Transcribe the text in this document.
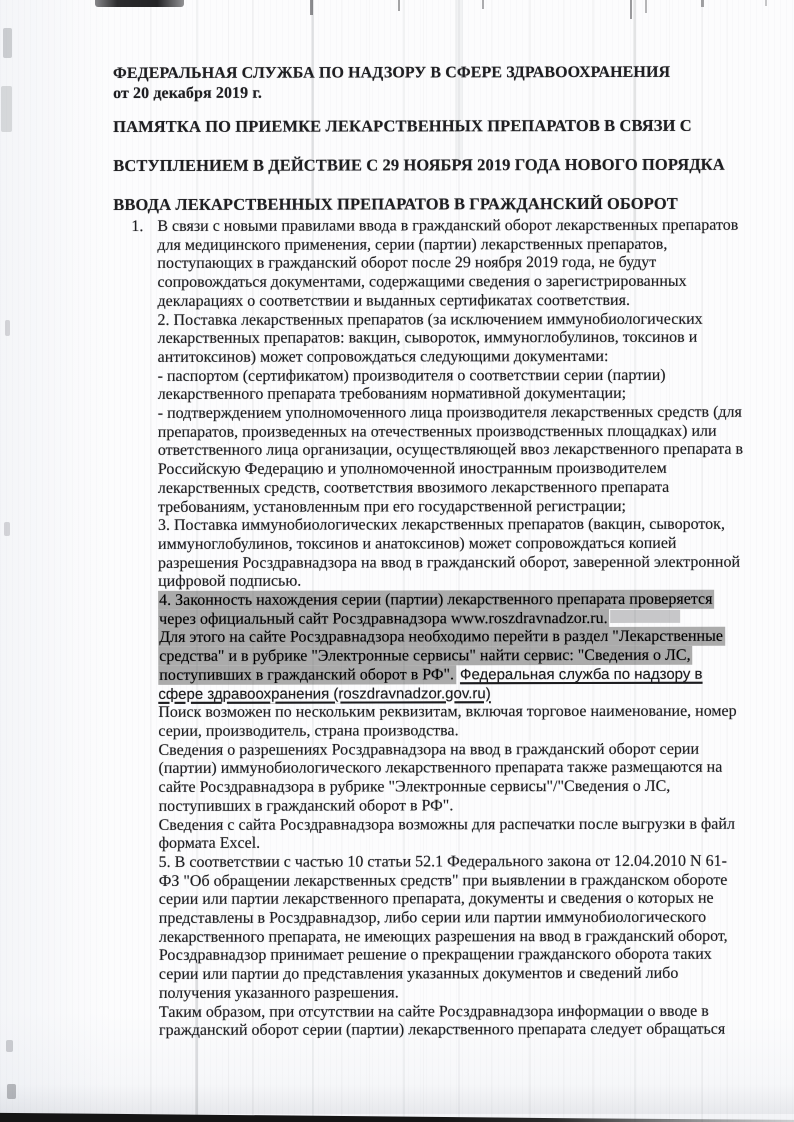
ФЕДЕРАЛЬНАЯ СЛУЖБА ПО НАДЗОРУ В СФЕРЕ ЗДРАВООХРАНЕНИЯ
от 20 декабря 2019 г.
ПАМЯТКА ПО ПРИЕМКЕ ЛЕКАРСТВЕННЫХ ПРЕПАРАТОВ В СВЯЗИ С
ВСТУПЛЕНИЕМ В ДЕЙСТВИЕ С 29 НОЯБРЯ 2019 ГОДА НОВОГО ПОРЯДКА
ВВОДА ЛЕКАРСТВЕННЫХ ПРЕПАРАТОВ В ГРАЖДАНСКИЙ ОБОРОТ

1. В связи с новыми правилами ввода в гражданский оборот лекарственных препаратов для медицинского применения, серии (партии) лекарственных препаратов, поступающих в гражданский оборот после 29 ноября 2019 года, не будут сопровождаться документами, содержащими сведения о зарегистрированных декларациях о соответствии и выданных сертификатах соответствия.

2. Поставка лекарственных препаратов (за исключением иммунобиологических лекарственных препаратов: вакцин, сывороток, иммуноглобулинов, токсинов и антитоксинов) может сопровождаться следующими документами:

- паспортом (сертификатом) производителя о соответствии серии (партии) лекарственного препарата требованиям нормативной документации;

- подтверждением уполномоченного лица производителя лекарственных средств (для препаратов, произведенных на отечественных производственных площадках) или ответственного лица организации, осуществляющей ввоз лекарственного препарата в Российскую Федерацию и уполномоченной иностранным производителем лекарственных средств, соответствия ввозимого лекарственного препарата требованиям, установленным при его государственной регистрации;

3. Поставка иммунобиологических лекарственных препаратов (вакцин, сывороток, иммуноглобулинов, токсинов и анатоксинов) может сопровождаться копией разрешения Росздравнадзора на ввод в гражданский оборот, заверенной электронной цифровой подписью.

4. Законность нахождения серии (партии) лекарственного препарата проверяется через официальный сайт Росздравнадзора www.roszdravnadzor.ru.

Для этого на сайте Росздравнадзора необходимо перейти в раздел "Лекарственные средства" и в рубрике "Электронные сервисы" найти сервис: "Сведения о ЛС, поступивших в гражданский оборот в РФ". Федеральная служба по надзору в сфере здравоохранения (roszdravnadzor.gov.ru)

Поиск возможен по нескольким реквизитам, включая торговое наименование, номер серии, производитель, страна производства.

Сведения о разрешениях Росздравнадзора на ввод в гражданский оборот серии (партии) иммунобиологического лекарственного препарата также размещаются на сайте Росздравнадзора в рубрике "Электронные сервисы"/"Сведения о ЛС, поступивших в гражданский оборот в РФ".

Сведения с сайта Росздравнадзора возможны для распечатки после выгрузки в файл формата Excel.

5. В соответствии с частью 10 статьи 52.1 Федерального закона от 12.04.2010 N 61-ФЗ "Об обращении лекарственных средств" при выявлении в гражданском обороте серии или партии лекарственного препарата, документы и сведения о которых не представлены в Росздравнадзор, либо серии или партии иммунобиологического лекарственного препарата, не имеющих разрешения на ввод в гражданский оборот, Росздравнадзор принимает решение о прекращении гражданского оборота таких серии или партии до представления указанных документов и сведений либо получения указанного разрешения.

Таким образом, при отсутствии на сайте Росздравнадзора информации о вводе в гражданский оборот серии (партии) лекарственного препарата следует обращаться
